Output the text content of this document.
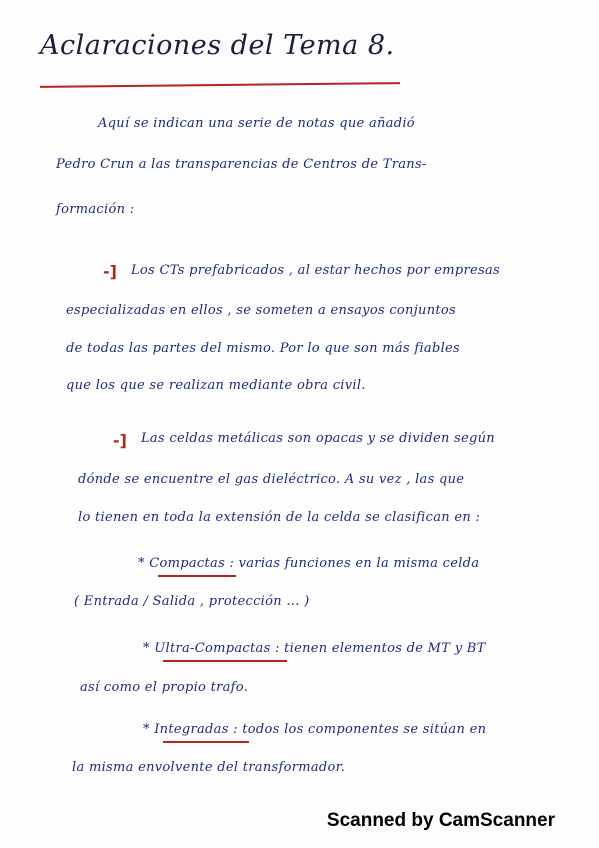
Aclaraciones del Tema 8.
Aquí se indican una serie de notas que añadió
Pedro Crun a las transparencias de Centros de Trans-
formación :
-] Los CTs prefabricados , al estar hechos por empresas
especializadas en ellos , se someten a ensayos conjuntos
de todas las partes del mismo. Por lo que son más fiables
que los que se realizan mediante obra civil.
-] Las celdas metálicas son opacas y se dividen según
dónde se encuentre el gas dieléctrico. A su vez , las que
lo tienen en toda la extensión de la celda se clasifican en :
* Compactas : varias funciones en la misma celda
( Entrada / Salida , protección ... )
* Ultra-Compactas : tienen elementos de MT y BT
así como el propio trafo.
* Integradas : todos los componentes se sitúan en
la misma envolvente del transformador.
Scanned by CamScanner
